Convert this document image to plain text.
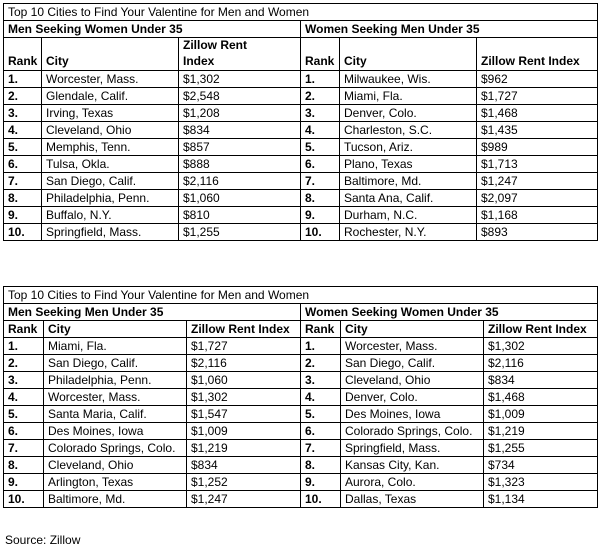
Top 10 Cities to Find Your Valentine for Men and Women					
Men Seeking Women Under 35			Women Seeking Men Under 35		
		Zillow Rent			
Rank	City	Index	Rank	City	Zillow Rent Index
1.	Worcester, Mass.	$1,302	1.	Milwaukee, Wis.	$962
2.	Glendale, Calif.	$2,548	2.	Miami, Fla.	$1,727
3.	Irving, Texas	$1,208	3.	Denver, Colo.	$1,468
4.	Cleveland, Ohio	$834	4.	Charleston, S.C.	$1,435
5.	Memphis, Tenn.	$857	5.	Tucson, Ariz.	$989
6.	Tulsa, Okla.	$888	6.	Plano, Texas	$1,713
7.	San Diego, Calif.	$2,116	7.	Baltimore, Md.	$1,247
8.	Philadelphia, Penn.	$1,060	8.	Santa Ana, Calif.	$2,097
9.	Buffalo, N.Y.	$810	9.	Durham, N.C.	$1,168
10.	Springfield, Mass.	$1,255	10.	Rochester, N.Y.	$893
Top 10 Cities to Find Your Valentine for Men and Women					
Men Seeking Men Under 35			Women Seeking Women Under 35		
Rank	City	Zillow Rent Index	Rank	City	Zillow Rent Index
1.	Miami, Fla.	$1,727	1.	Worcester, Mass.	$1,302
2.	San Diego, Calif.	$2,116	2.	San Diego, Calif.	$2,116
3.	Philadelphia, Penn.	$1,060	3.	Cleveland, Ohio	$834
4.	Worcester, Mass.	$1,302	4.	Denver, Colo.	$1,468
5.	Santa Maria, Calif.	$1,547	5.	Des Moines, Iowa	$1,009
6.	Des Moines, Iowa	$1,009	6.	Colorado Springs, Colo.	$1,219
7.	Colorado Springs, Colo.	$1,219	7.	Springfield, Mass.	$1,255
8.	Cleveland, Ohio	$834	8.	Kansas City, Kan.	$734
9.	Arlington, Texas	$1,252	9.	Aurora, Colo.	$1,323
10.	Baltimore, Md.	$1,247	10.	Dallas, Texas	$1,134
Source: Zillow
